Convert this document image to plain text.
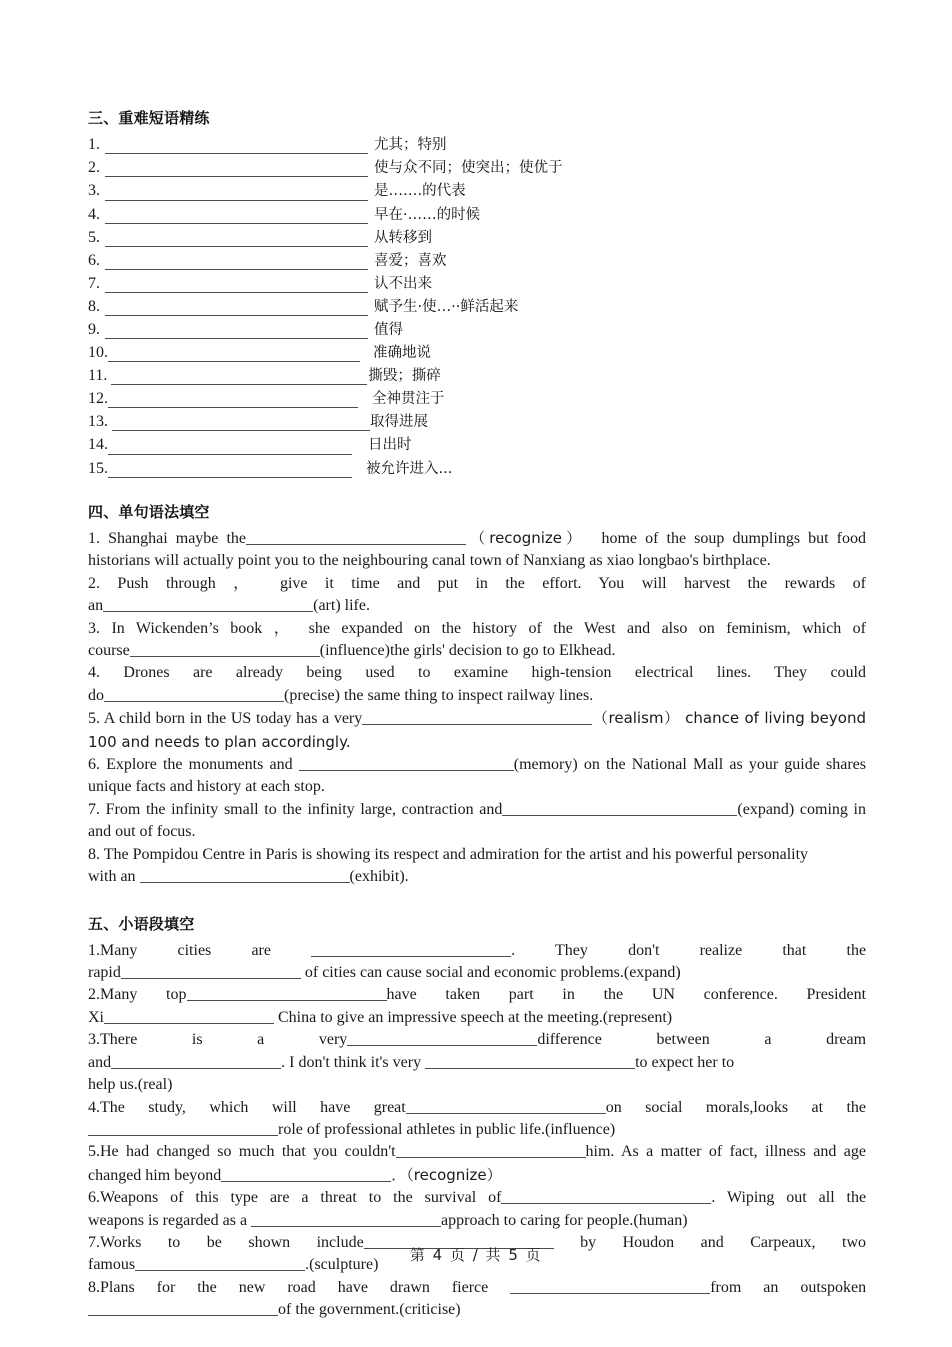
三、重难短语精练
1.	尤其；特别
2.	使与众不同；使突出；使优于
3.	是…….的代表
4.	早在·……的时候
5.	从转移到
6.	喜爱；喜欢
7.	认不出来
8.	赋予生·使…··鲜活起来
9.	值得
10.	准确地说
11.	撕毁；撕碎
12.	全神贯注于
13.	取得进展
14.	日出时
15.	被允许进入...
四、单句语法填空

1. Shanghai maybe the	（recognize） home of the soup dumplings but food historians will actually point you to the neighbouring canal town of Nanxiang as xiao longbao's birthplace.

2. Push through ， give it time and put in the effort. You will harvest the rewards of

an	(art) life.

3. In Wickenden’s book ， she expanded on the history of the West and also on feminism, which of

course	(influence)the girls' decision to go to Elkhead.

4. Drones are already being used to examine high-tension electrical lines. They could

do	(precise) the same thing to inspect railway lines.

5. A child born in the US today has a very	（realism） chance of living beyond 100 and needs to plan accordingly.

6. Explore the monuments and	(memory) on the National Mall as your guide shares unique facts and history at each stop.

7. From the infinity small to the infinity large, contraction and	(expand) coming in and out of focus.

8. The Pompidou Centre in Paris is showing its respect and admiration for the artist and his powerful personality

with an	(exhibit).

五、小语段填空

1.Many	cities	are	. They	don't	realize	that	the

rapid	of cities can cause social and economic problems.(expand)

2.Many top	have taken part in the UN conference. President

Xi	China to give an impressive speech at the meeting.(represent)

3.There	is	a	very	difference	between	a	dream

and	. I don't think it's very	to expect her to

help us.(real)

4.The study, which will have great	on social morals,looks at the

role of professional athletes in public life.(influence)

5.He had changed so much that you couldn't	him. As a matter of fact, illness and age changed him beyond	．（recognize）

6.Weapons of this type are a threat to the survival of	. Wiping out all the

weapons is regarded as a	approach to caring for people.(human)

7.Works to be shown include	by Houdon and Carpeaux, two

famous	.(sculpture)

8.Plans for the new road have drawn fierce	from an outspoken

of the government.(criticise)

第 4 页 / 共 5 页
